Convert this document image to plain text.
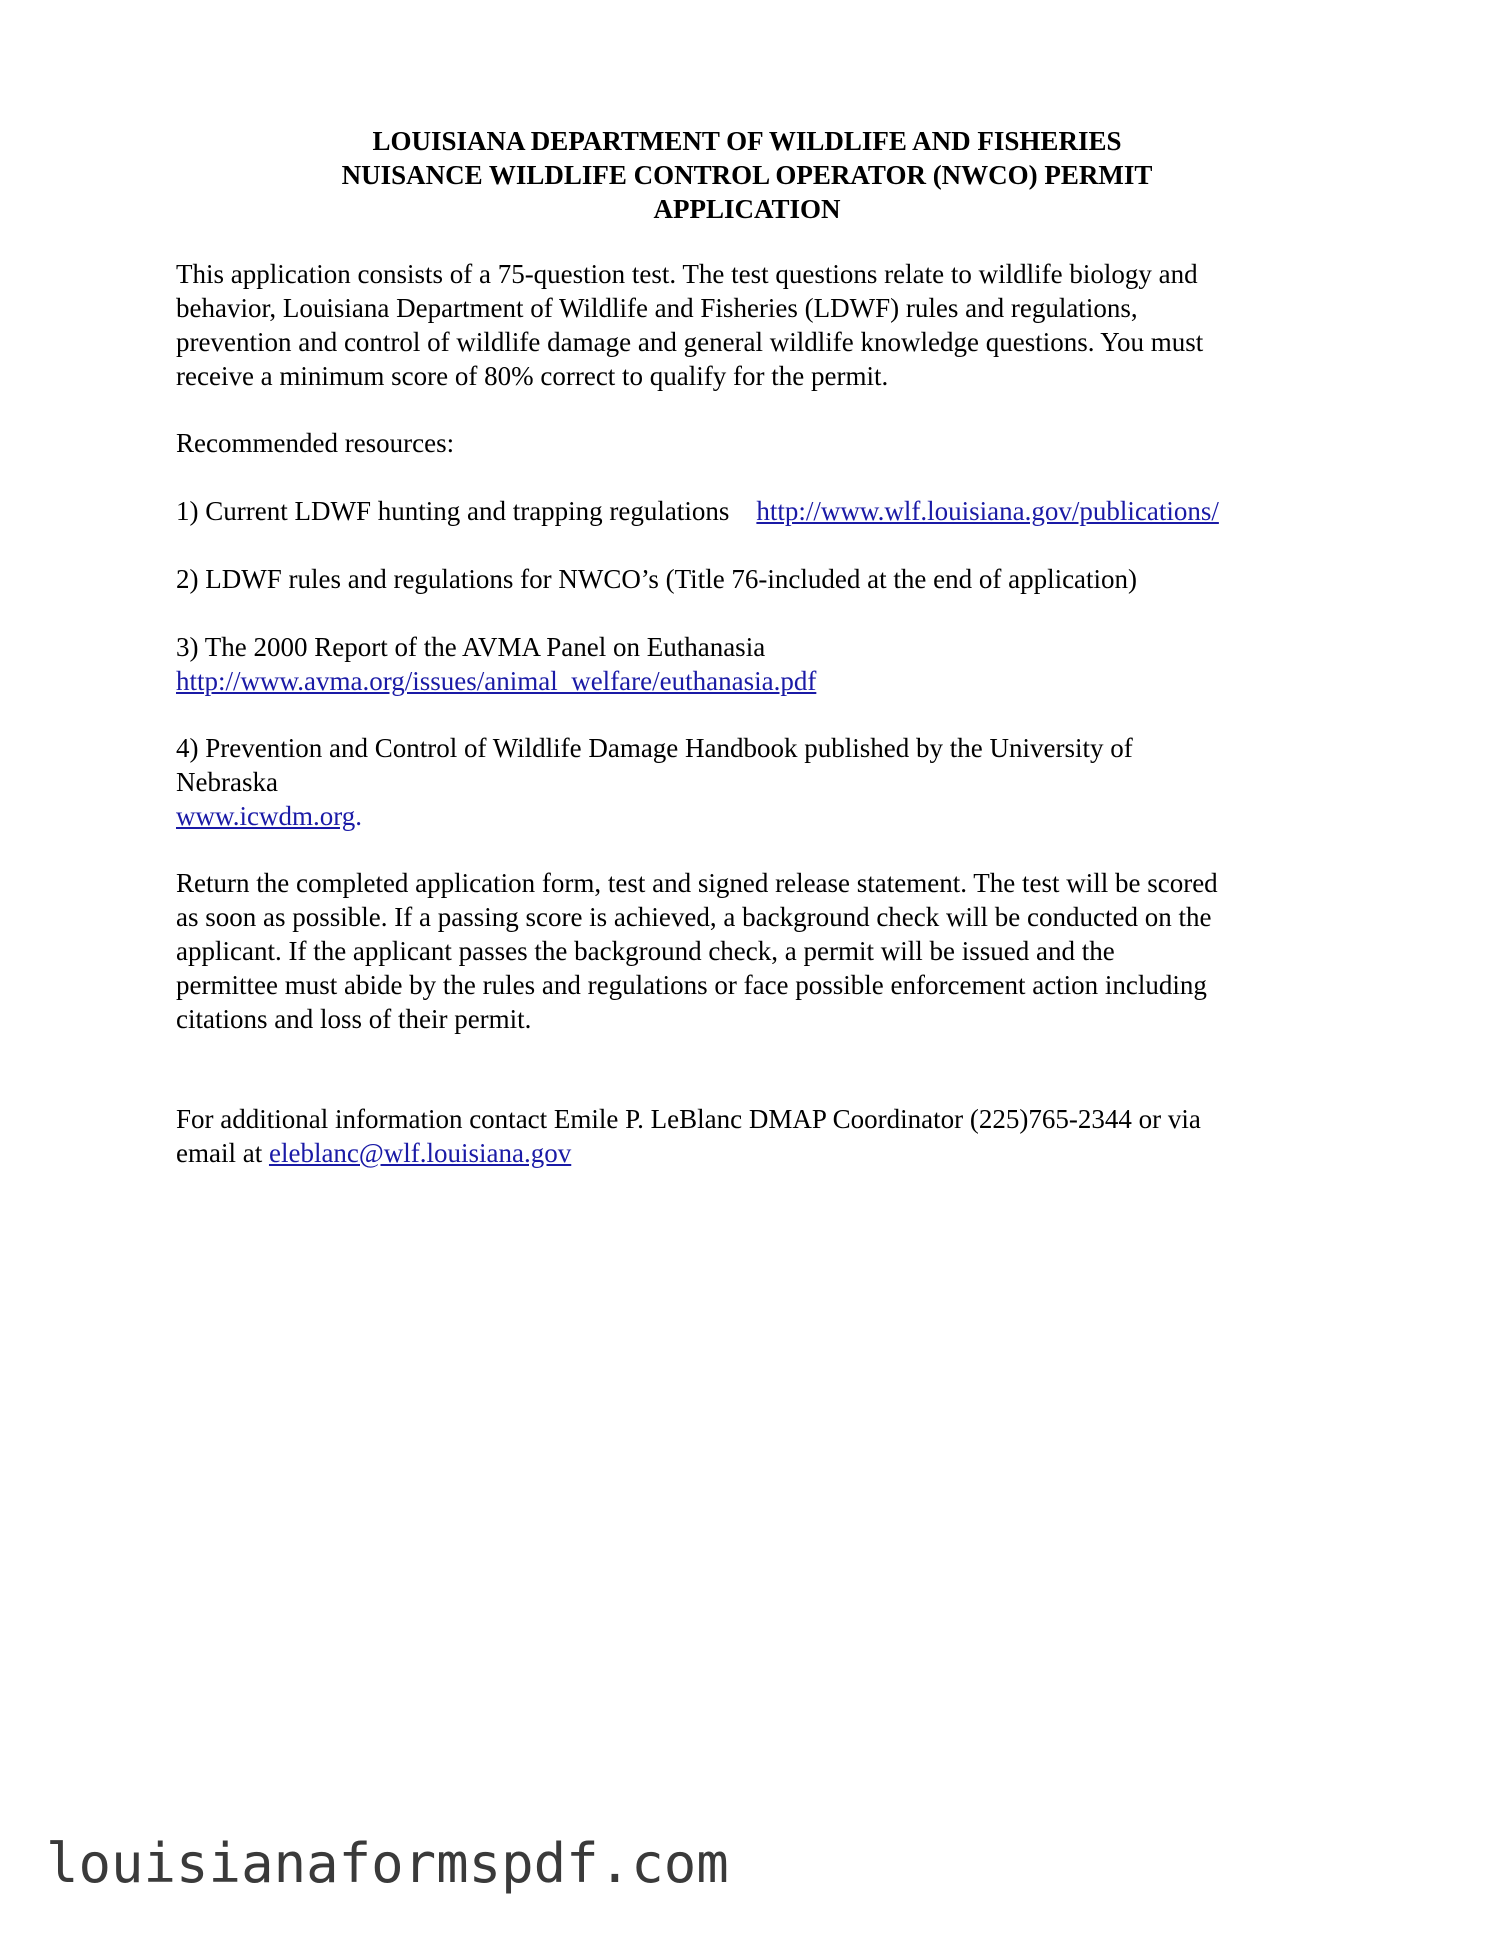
LOUISIANA DEPARTMENT OF WILDLIFE AND FISHERIES
NUISANCE WILDLIFE CONTROL OPERATOR (NWCO) PERMIT
APPLICATION
This application consists of a 75-question test. The test questions relate to wildlife biology and
behavior, Louisiana Department of Wildlife and Fisheries (LDWF) rules and regulations,
prevention and control of wildlife damage and general wildlife knowledge questions. You must
receive a minimum score of 80% correct to qualify for the permit.
Recommended resources:
1) Current LDWF hunting and trapping regulations http://www.wlf.louisiana.gov/publications/
2) LDWF rules and regulations for NWCO’s (Title 76-included at the end of application)
3) The 2000 Report of the AVMA Panel on Euthanasia
http://www.avma.org/issues/animal_welfare/euthanasia.pdf
4) Prevention and Control of Wildlife Damage Handbook published by the University of
Nebraska
www.icwdm.org.
Return the completed application form, test and signed release statement. The test will be scored
as soon as possible. If a passing score is achieved, a background check will be conducted on the
applicant. If the applicant passes the background check, a permit will be issued and the
permittee must abide by the rules and regulations or face possible enforcement action including
citations and loss of their permit.
For additional information contact Emile P. LeBlanc DMAP Coordinator (225)765-2344 or via
email at eleblanc@wlf.louisiana.gov
louisianaformspdf.com
